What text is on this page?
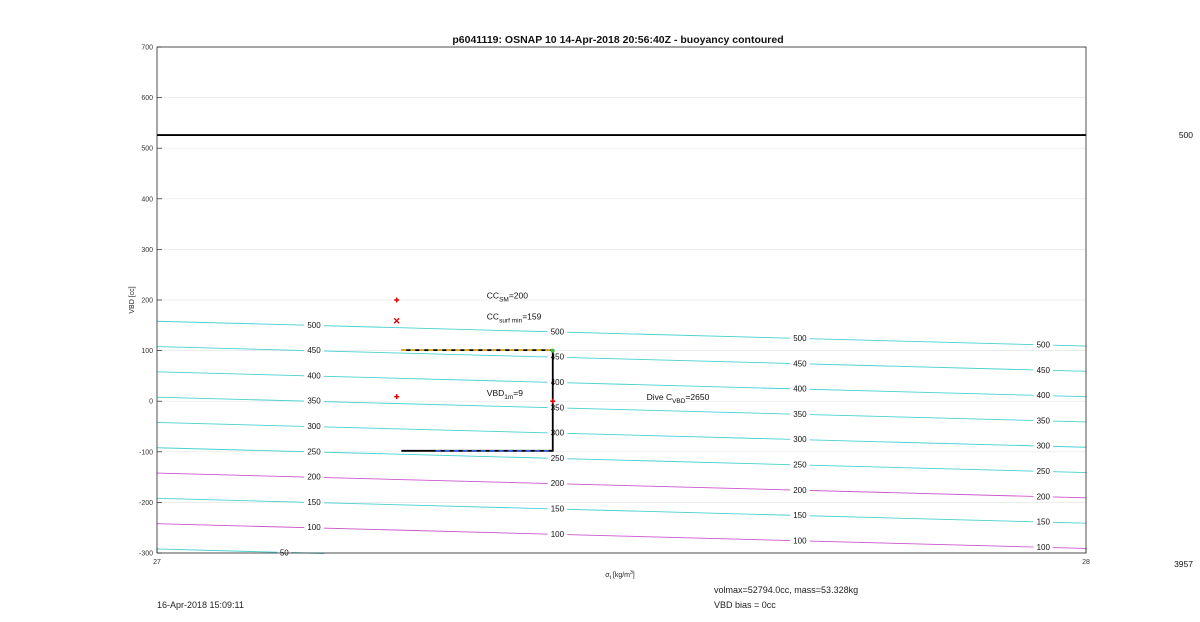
500
450
400
350
300
250
200
150
100
50
500
450
400
350
300
250
200
150
100
500
450
400
350
300
250
200
150
100
500
450
400
350
300
250
200
150
100
$CC_{SM}=200$
$CC_{surf min}=159$
$VBD_{1m}=9$	Dive $C_{VBD}=2650$
-300
-200
-100
0
100
200
300
400
500
600
700
27	28
500
3957
p6041119: OSNAP 10 14-Apr-2018 20:56:40Z - buoyancy contoured
VBD [cc]
$\sigma_t$ $[kg/m^3]$
16-Apr-2018 15:09:11
volmax=52794.0cc, mass=53.328kg
VBD bias = 0cc
